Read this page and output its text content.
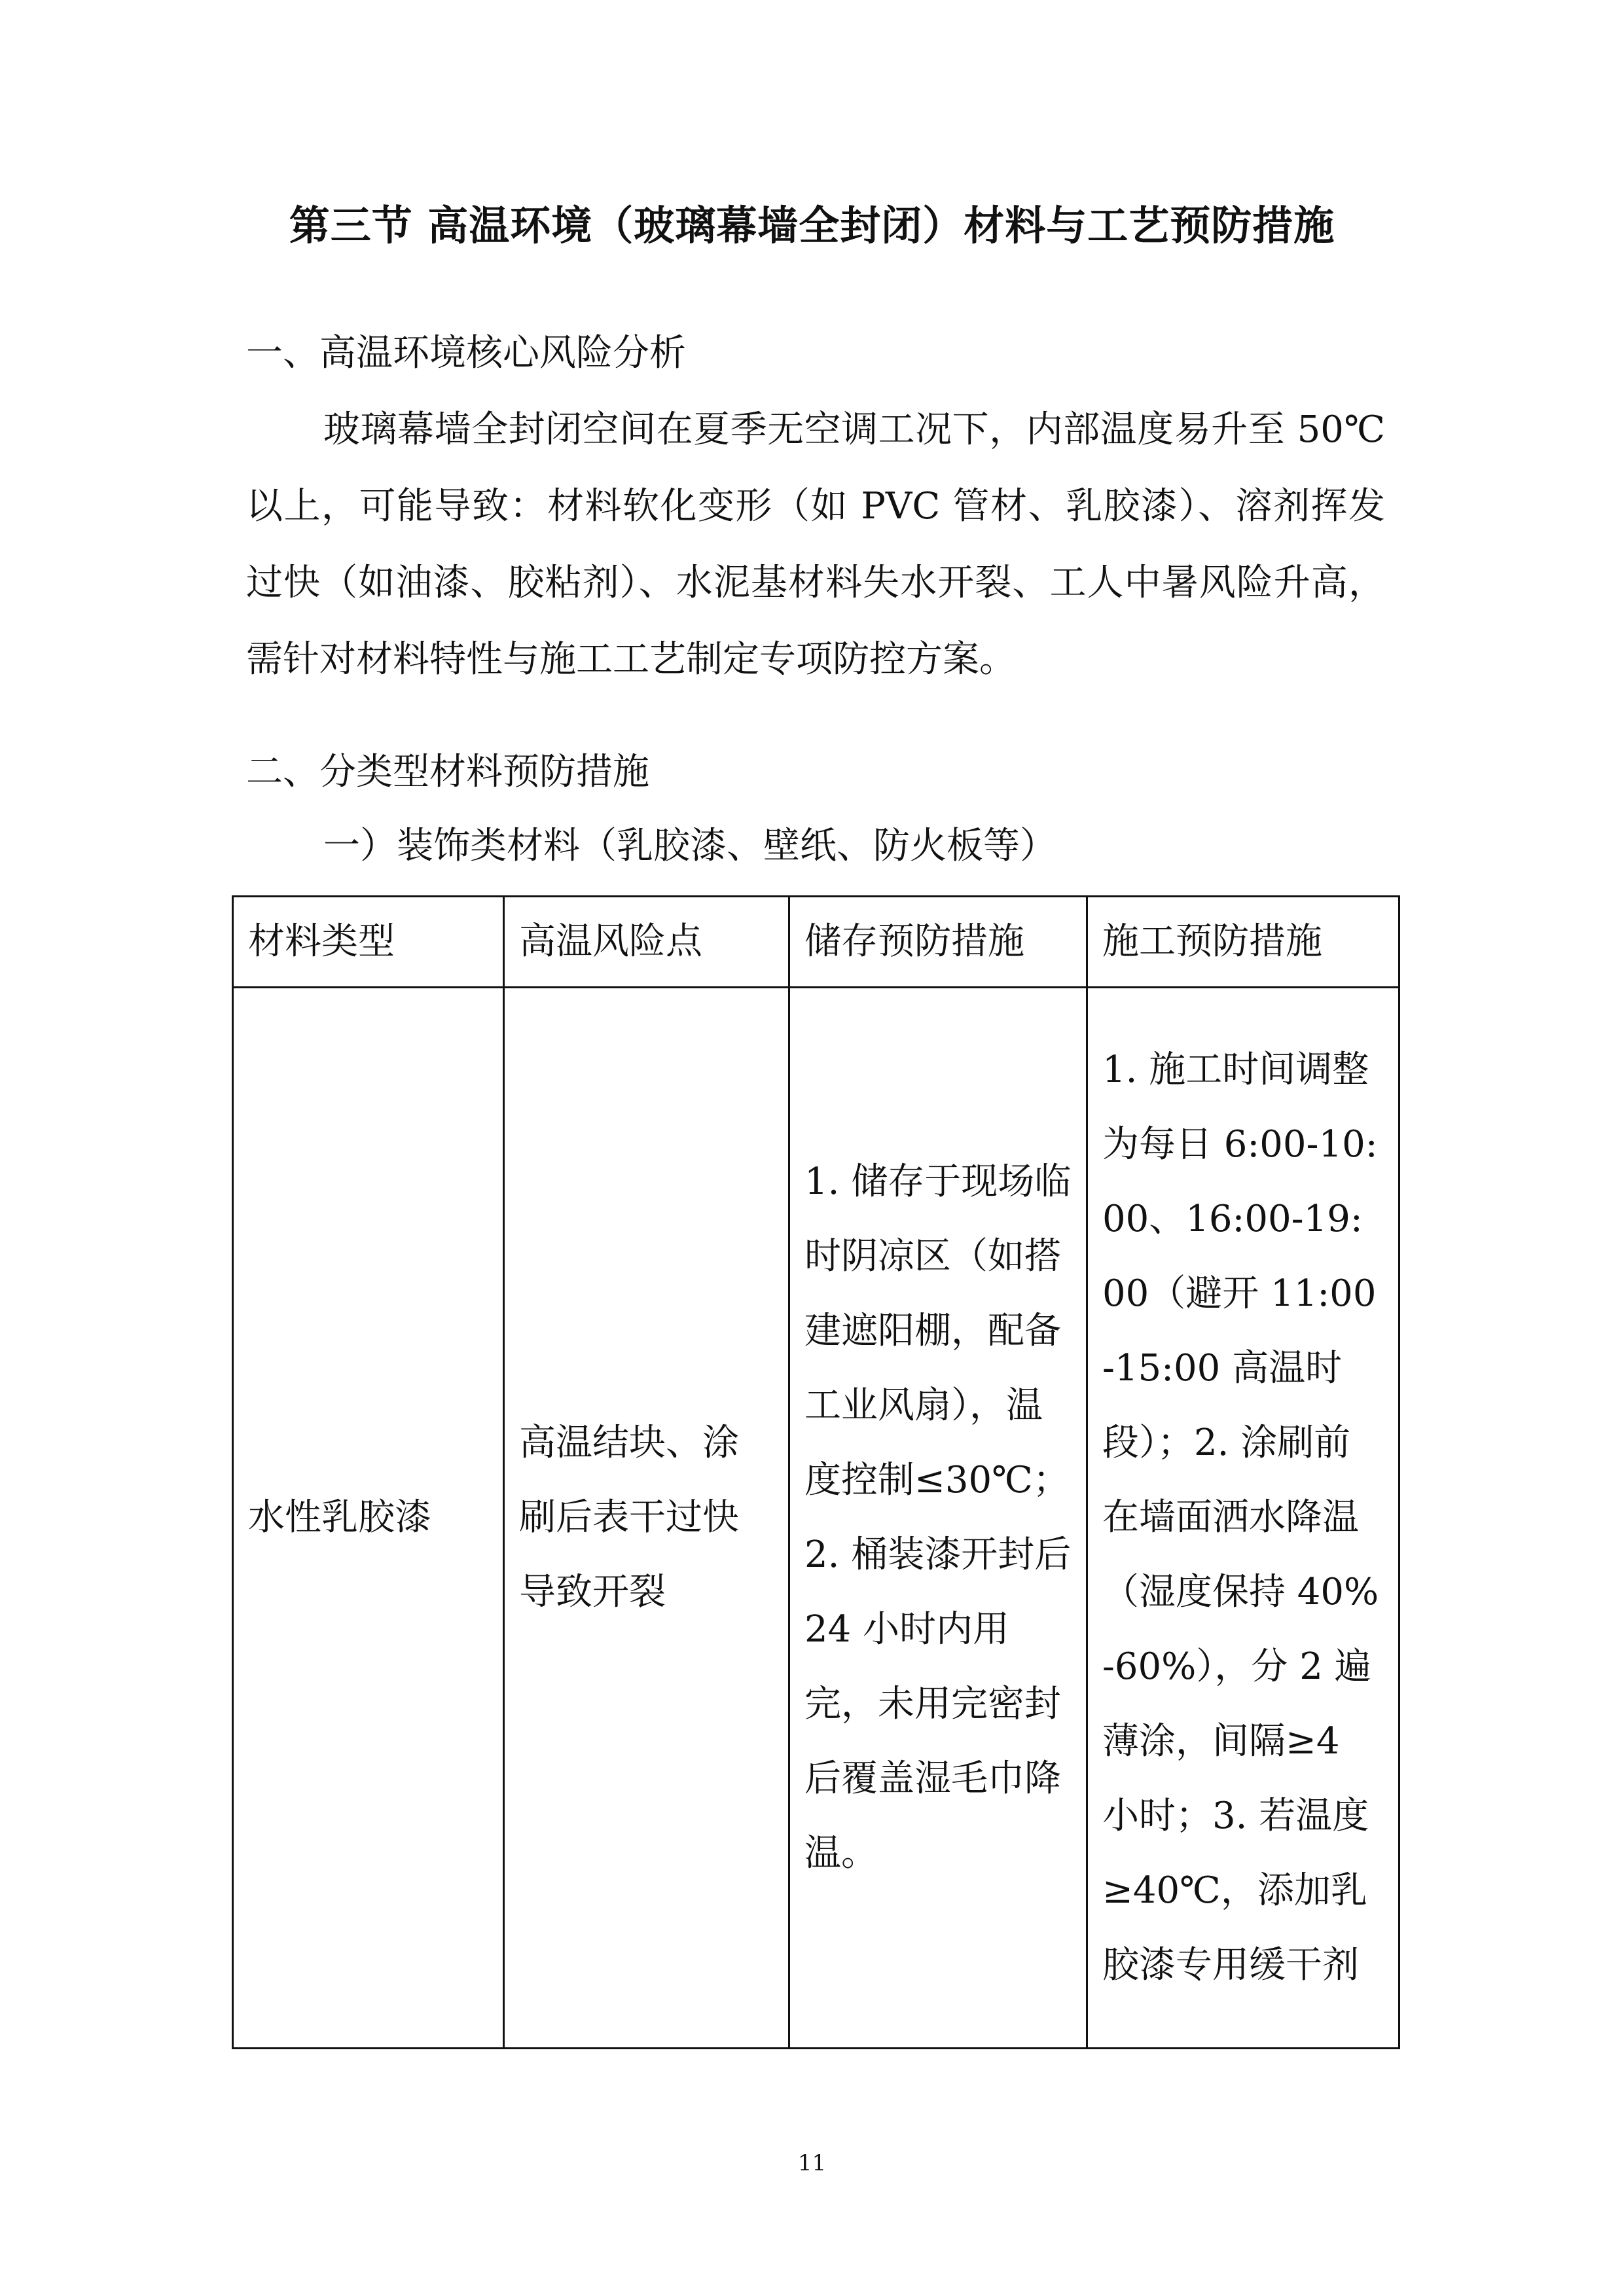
第三节 高温环境（玻璃幕墙全封闭）材料与工艺预防措施
一、高温环境核心风险分析
玻璃幕墙全封闭空间在夏季无空调工况下，内部温度易升至 50℃以上，可能导致：材料软化变形（如 PVC 管材、乳胶漆）、溶剂挥发过快（如油漆、胶粘剂）、水泥基材料失水开裂、工人中暑风险升高，需针对材料特性与施工工艺制定专项防控方案。
二、分类型材料预防措施
一）装饰类材料（乳胶漆、壁纸、防火板等）
材料类型	高温风险点	储存预防措施	施工预防措施
水性乳胶漆	高温结块、涂刷后表干过快导致开裂	1. 储存于现场临时阴凉区（如搭建遮阳棚，配备工业风扇），温度控制≤30℃；2. 桶装漆开封后 24 小时内用完，未用完密封后覆盖湿毛巾降温。	1. 施工时间调整为每日 6:00-10:00、16:00-19:00（避开 11:00-15:00 高温时段）；2. 涂刷前在墙面洒水降温（湿度保持 40%-60%），分 2 遍薄涂，间隔≥4 小时；3. 若温度≥40℃，添加乳胶漆专用缓干剂
11
